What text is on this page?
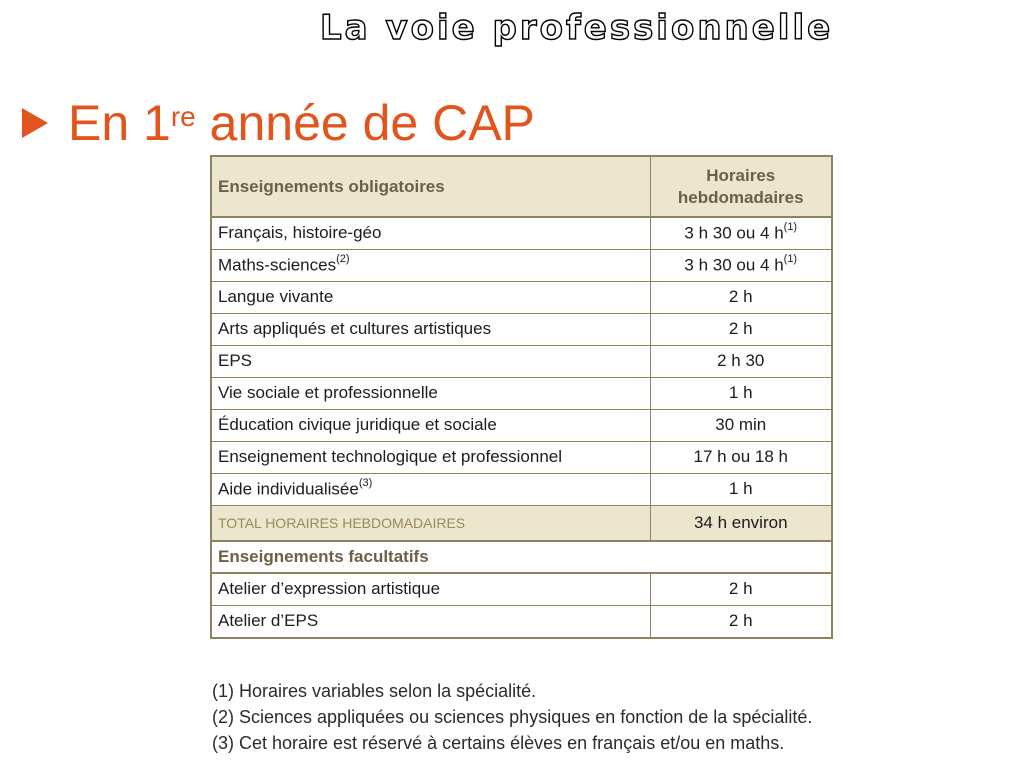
La voie professionnelle
En 1re année de CAP
Enseignements obligatoires	Horaires
hebdomadaires
Français, histoire-géo	3 h 30 ou 4 h$^{(1)}$
Maths-sciences$^{(2)}$	3 h 30 ou 4 h$^{(1)}$
Langue vivante	2 h
Arts appliqués et cultures artistiques	2 h
EPS	2 h 30
Vie sociale et professionnelle	1 h
Éducation civique juridique et sociale	30 min
Enseignement technologique et professionnel	17 h ou 18 h
Aide individualisée$^{(3)}$	1 h
TOTAL HORAIRES HEBDOMADAIRES	34 h environ
Enseignements facultatifs	
Atelier d’expression artistique	2 h
Atelier d’EPS	2 h
(1) Horaires variables selon la spécialité.
(2) Sciences appliquées ou sciences physiques en fonction de la spécialité.
(3) Cet horaire est réservé à certains élèves en français et/ou en maths.
